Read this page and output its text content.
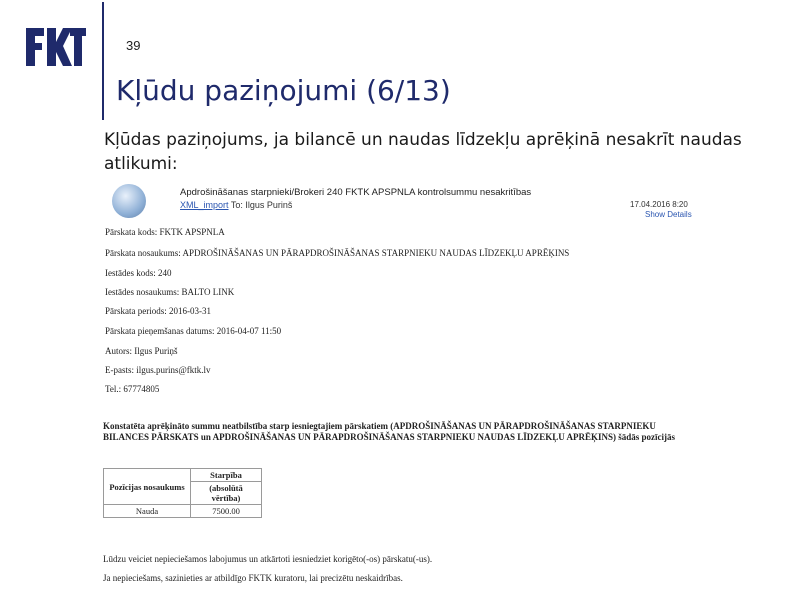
39
Kļūdu paziņojumi (6/13)
Kļūdas paziņojums, ja bilancē un naudas līdzekļu aprēķinā nesakrīt naudas atlikumi:
Apdrošināšanas starpnieki/Brokeri 240 FKTK APSPNLA kontrolsummu nesakritības
XML_import To: Ilgus Purinš	17.04.2016 8:20
Show Details
Pārskata kods: FKTK APSPNLA
Pārskata nosaukums: APDROŠINĀŠANAS UN PĀRAPDROŠINĀŠANAS STARPNIEKU NAUDAS LĪDZEKĻU APRĒĶINS
Iestādes kods: 240
Iestādes nosaukums: BALTO LINK
Pārskata periods: 2016-03-31
Pārskata pieņemšanas datums: 2016-04-07 11:50
Autors: Ilgus Puriņš
E-pasts: ilgus.purins@fktk.lv
Tel.: 67774805
Konstatēta aprēķināto summu neatbilstība starp iesniegtajiem pārskatiem (APDROŠINĀŠANAS UN PĀRAPDROŠINĀŠANAS STARPNIEKU BILANCES PĀRSKATS un APDROŠINĀŠANAS UN PĀRAPDROŠINĀŠANAS STARPNIEKU NAUDAS LĪDZEKĻU APRĒĶINS) šādās pozīcijās
Pozīcijas nosaukums	Starpība
	(absolūtā vērtība)
Nauda	7500.00
Lūdzu veiciet nepieciešamos labojumus un atkārtoti iesniedziet korigēto(-os) pārskatu(-us).
Ja nepieciešams, sazinieties ar atbildīgo FKTK kuratoru, lai precizētu neskaidrības.
